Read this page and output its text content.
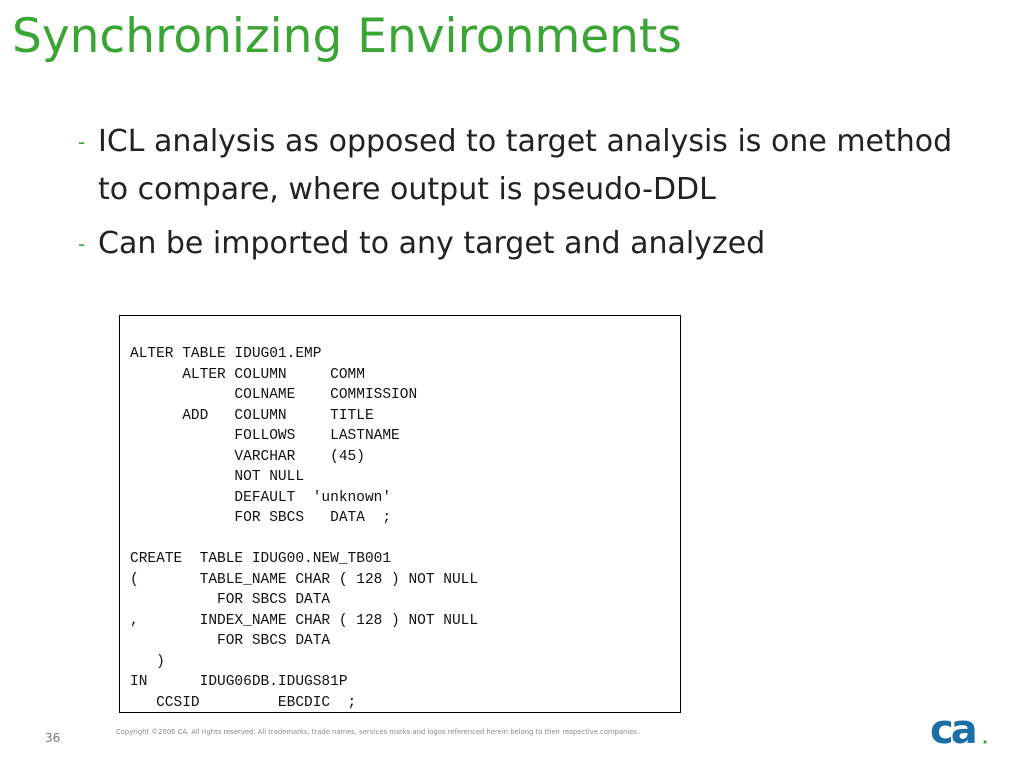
Synchronizing Environments
- ICL analysis as opposed to target analysis is one method to compare, where output is pseudo-DDL
- Can be imported to any target and analyzed
ALTER TABLE IDUG01.EMP
ALTER COLUMN     COMM
COLNAME    COMMISSION
ADD   COLUMN     TITLE
FOLLOWS    LASTNAME
VARCHAR    (45)
NOT NULL
DEFAULT  'unknown'
FOR SBCS   DATA  ;

CREATE  TABLE IDUG00.NEW_TB001
(       TABLE_NAME CHAR ( 128 ) NOT NULL
FOR SBCS DATA
,       INDEX_NAME CHAR ( 128 ) NOT NULL
FOR SBCS DATA
)
IN      IDUG06DB.IDUGS81P
CCSID         EBCDIC  ;
36	Copyright ©2006 CA. All rights reserved. All trademarks, trade names, services marks and logos referenced herein belong to their respective companies.	ca
